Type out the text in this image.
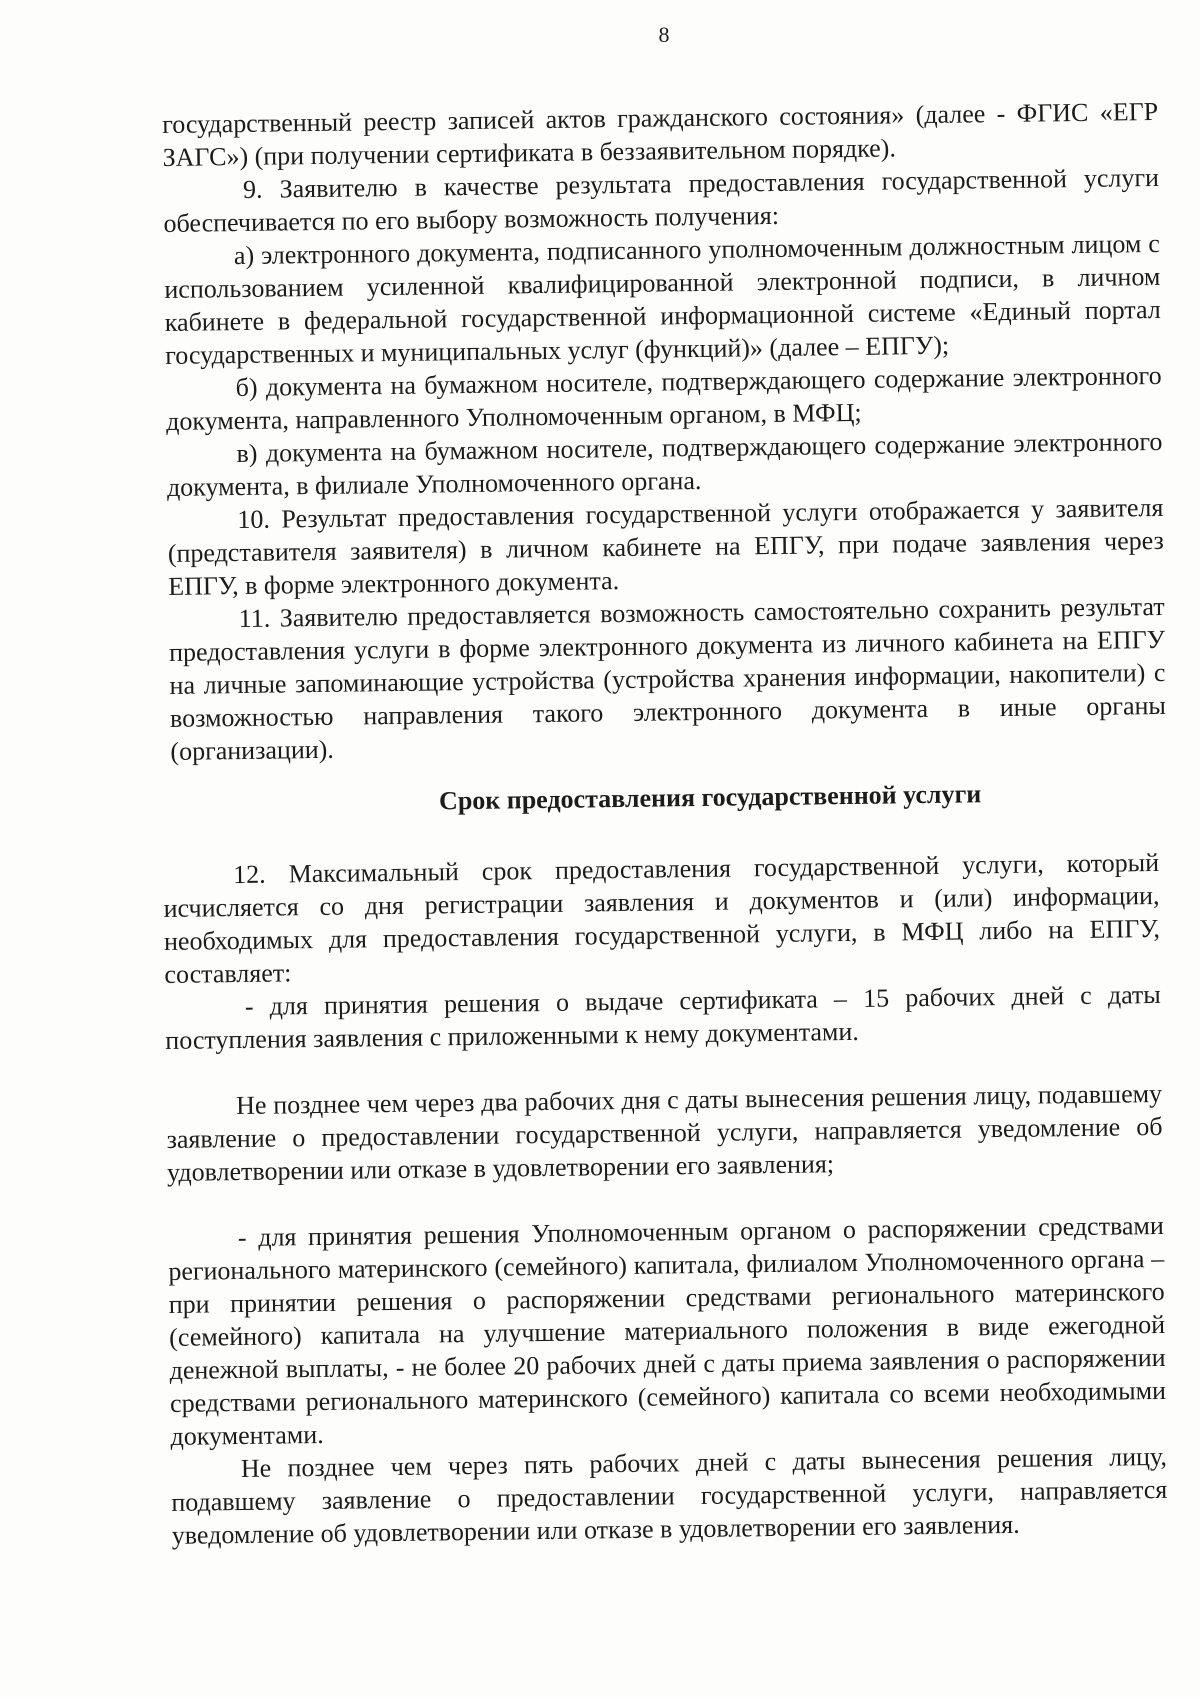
8

государственный реестр записей актов гражданского состояния» (далее - ФГИС «ЕГР ЗАГС») (при получении сертификата в беззаявительном порядке).

9. Заявителю в качестве результата предоставления государственной услуги обеспечивается по его выбору возможность получения:

а) электронного документа, подписанного уполномоченным должностным лицом с использованием усиленной квалифицированной электронной подписи, в личном кабинете в федеральной государственной информационной системе «Единый портал государственных и муниципальных услуг (функций)» (далее – ЕПГУ);

б) документа на бумажном носителе, подтверждающего содержание электронного документа, направленного Уполномоченным органом, в МФЦ;

в) документа на бумажном носителе, подтверждающего содержание электронного документа, в филиале Уполномоченного органа.

10. Результат предоставления государственной услуги отображается у заявителя (представителя заявителя) в личном кабинете на ЕПГУ, при подаче заявления через ЕПГУ, в форме электронного документа.

11. Заявителю предоставляется возможность самостоятельно сохранить результат предоставления услуги в форме электронного документа из личного кабинета на ЕПГУ на личные запоминающие устройства (устройства хранения информации, накопители) с возможностью направления такого электронного документа в иные органы (организации).

Срок предоставления государственной услуги

12. Максимальный срок предоставления государственной услуги, который исчисляется со дня регистрации заявления и документов и (или) информации, необходимых для предоставления государственной услуги, в МФЦ либо на ЕПГУ, составляет:

- для принятия решения о выдаче сертификата – 15 рабочих дней с даты поступления заявления с приложенными к нему документами.

Не позднее чем через два рабочих дня с даты вынесения решения лицу, подавшему заявление о предоставлении государственной услуги, направляется уведомление об удовлетворении или отказе в удовлетворении его заявления;

- для принятия решения Уполномоченным органом о распоряжении средствами регионального материнского (семейного) капитала, филиалом Уполномоченного органа – при принятии решения о распоряжении средствами регионального материнского (семейного) капитала на улучшение материального положения в виде ежегодной денежной выплаты, - не более 20 рабочих дней с даты приема заявления о распоряжении средствами регионального материнского (семейного) капитала со всеми необходимыми документами.

Не позднее чем через пять рабочих дней с даты вынесения решения лицу, подавшему заявление о предоставлении государственной услуги, направляется уведомление об удовлетворении или отказе в удовлетворении его заявления.
